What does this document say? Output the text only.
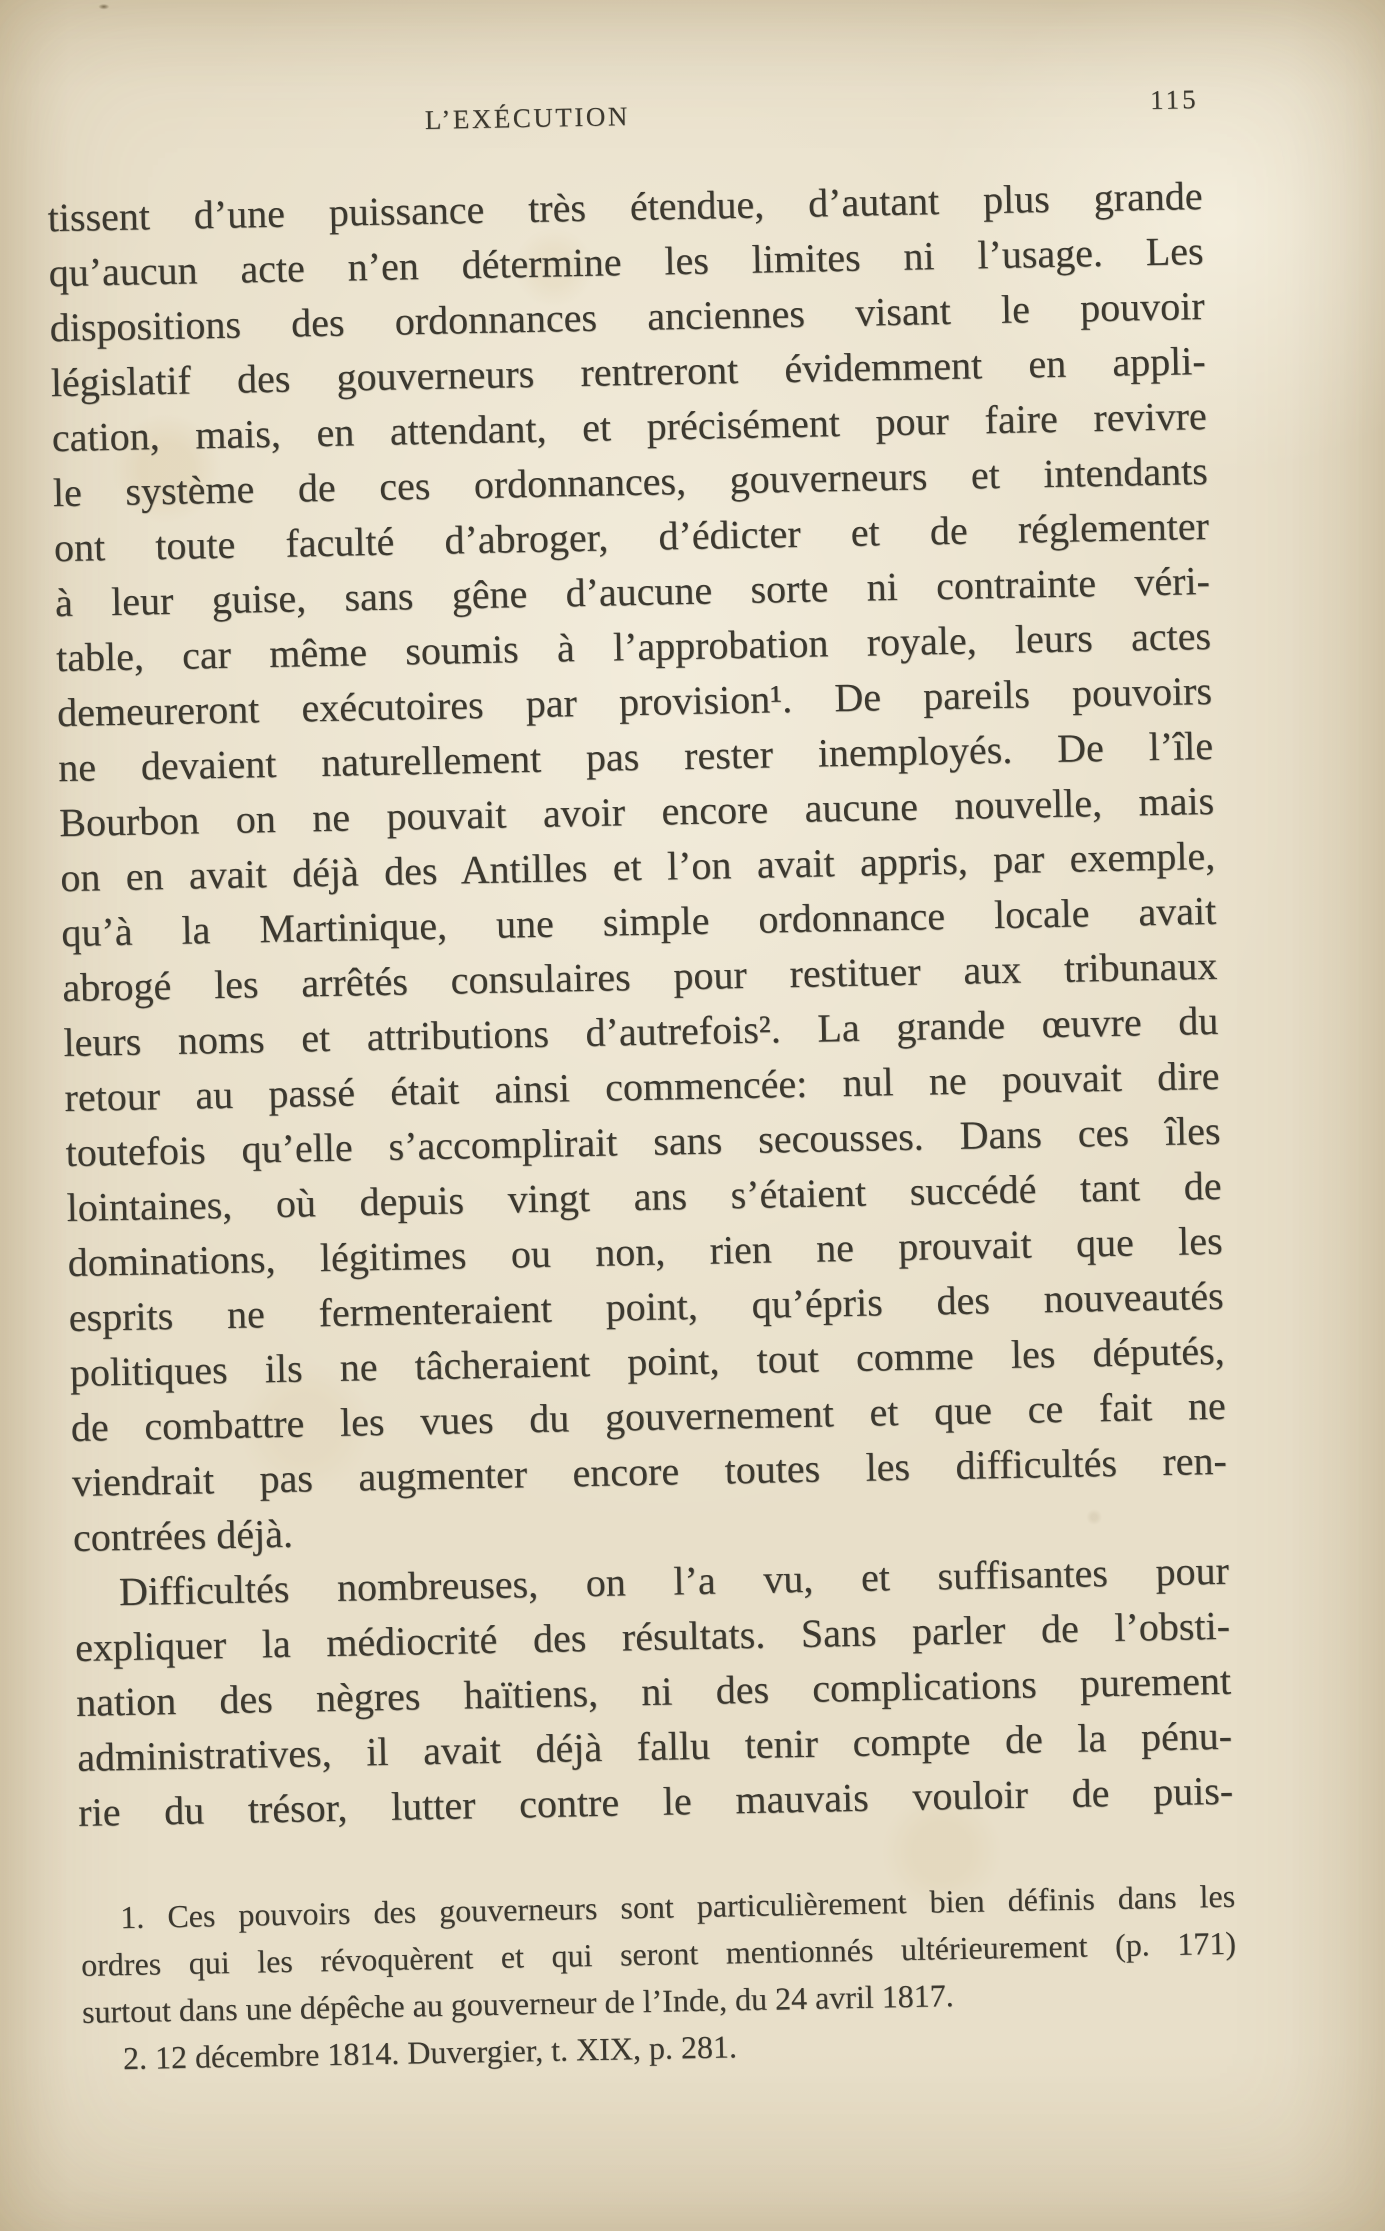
L’EXÉCUTION
115
tissent d’une puissance très étendue, d’autant plus grande
qu’aucun acte n’en détermine les limites ni l’usage. Les
dispositions des ordonnances anciennes visant le pouvoir
législatif des gouverneurs rentreront évidemment en appli-
cation, mais, en attendant, et précisément pour faire revivre
le système de ces ordonnances, gouverneurs et intendants
ont toute faculté d’abroger, d’édicter et de réglementer
à leur guise, sans gêne d’aucune sorte ni contrainte véri-
table, car même soumis à l’approbation royale, leurs actes
demeureront exécutoires par provision¹. De pareils pouvoirs
ne devaient naturellement pas rester inemployés. De l’île
Bourbon on ne pouvait avoir encore aucune nouvelle, mais
on en avait déjà des Antilles et l’on avait appris, par exemple,
qu’à la Martinique, une simple ordonnance locale avait
abrogé les arrêtés consulaires pour restituer aux tribunaux
leurs noms et attributions d’autrefois². La grande œuvre du
retour au passé était ainsi commencée: nul ne pouvait dire
toutefois qu’elle s’accomplirait sans secousses. Dans ces îles
lointaines, où depuis vingt ans s’étaient succédé tant de
dominations, légitimes ou non, rien ne prouvait que les
esprits ne fermenteraient point, qu’épris des nouveautés
politiques ils ne tâcheraient point, tout comme les députés,
de combattre les vues du gouvernement et que ce fait ne
viendrait pas augmenter encore toutes les difficultés ren-
contrées déjà.
Difficultés nombreuses, on l’a vu, et suffisantes pour
expliquer la médiocrité des résultats. Sans parler de l’obsti-
nation des nègres haïtiens, ni des complications purement
administratives, il avait déjà fallu tenir compte de la pénu-
rie du trésor, lutter contre le mauvais vouloir de puis-
1. Ces pouvoirs des gouverneurs sont particulièrement bien définis dans les
ordres qui les révoquèrent et qui seront mentionnés ultérieurement (p. 171)
surtout dans une dépêche au gouverneur de l’Inde, du 24 avril 1817.
2. 12 décembre 1814. Duvergier, t. XIX, p. 281.
